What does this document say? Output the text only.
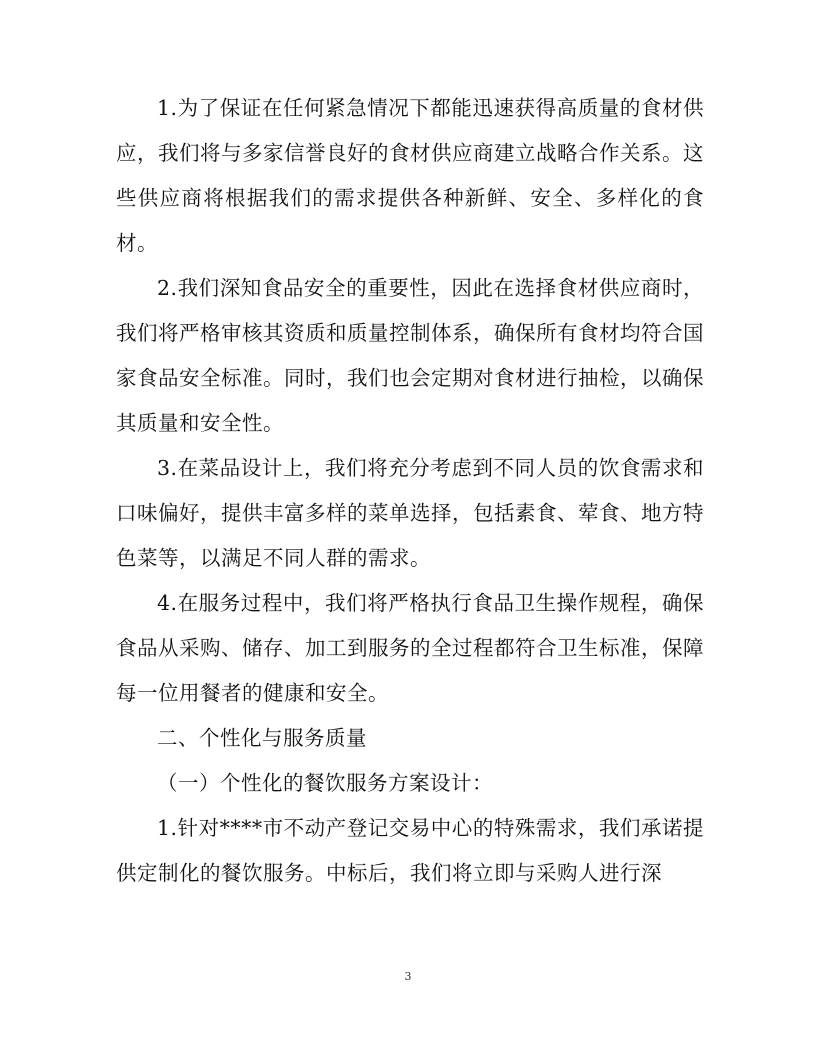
1.为了保证在任何紧急情况下都能迅速获得高质量的食材供应，我们将与多家信誉良好的食材供应商建立战略合作关系。这些供应商将根据我们的需求提供各种新鲜、安全、多样化的食材。

2.我们深知食品安全的重要性，因此在选择食材供应商时，我们将严格审核其资质和质量控制体系，确保所有食材均符合国家食品安全标准。同时，我们也会定期对食材进行抽检，以确保其质量和安全性。

3.在菜品设计上，我们将充分考虑到不同人员的饮食需求和口味偏好，提供丰富多样的菜单选择，包括素食、荤食、地方特色菜等，以满足不同人群的需求。

4.在服务过程中，我们将严格执行食品卫生操作规程，确保食品从采购、储存、加工到服务的全过程都符合卫生标准，保障每一位用餐者的健康和安全。

二、个性化与服务质量

（一）个性化的餐饮服务方案设计：

1.针对****市不动产登记交易中心的特殊需求，我们承诺提供定制化的餐饮服务。中标后，我们将立即与采购人进行深

3
